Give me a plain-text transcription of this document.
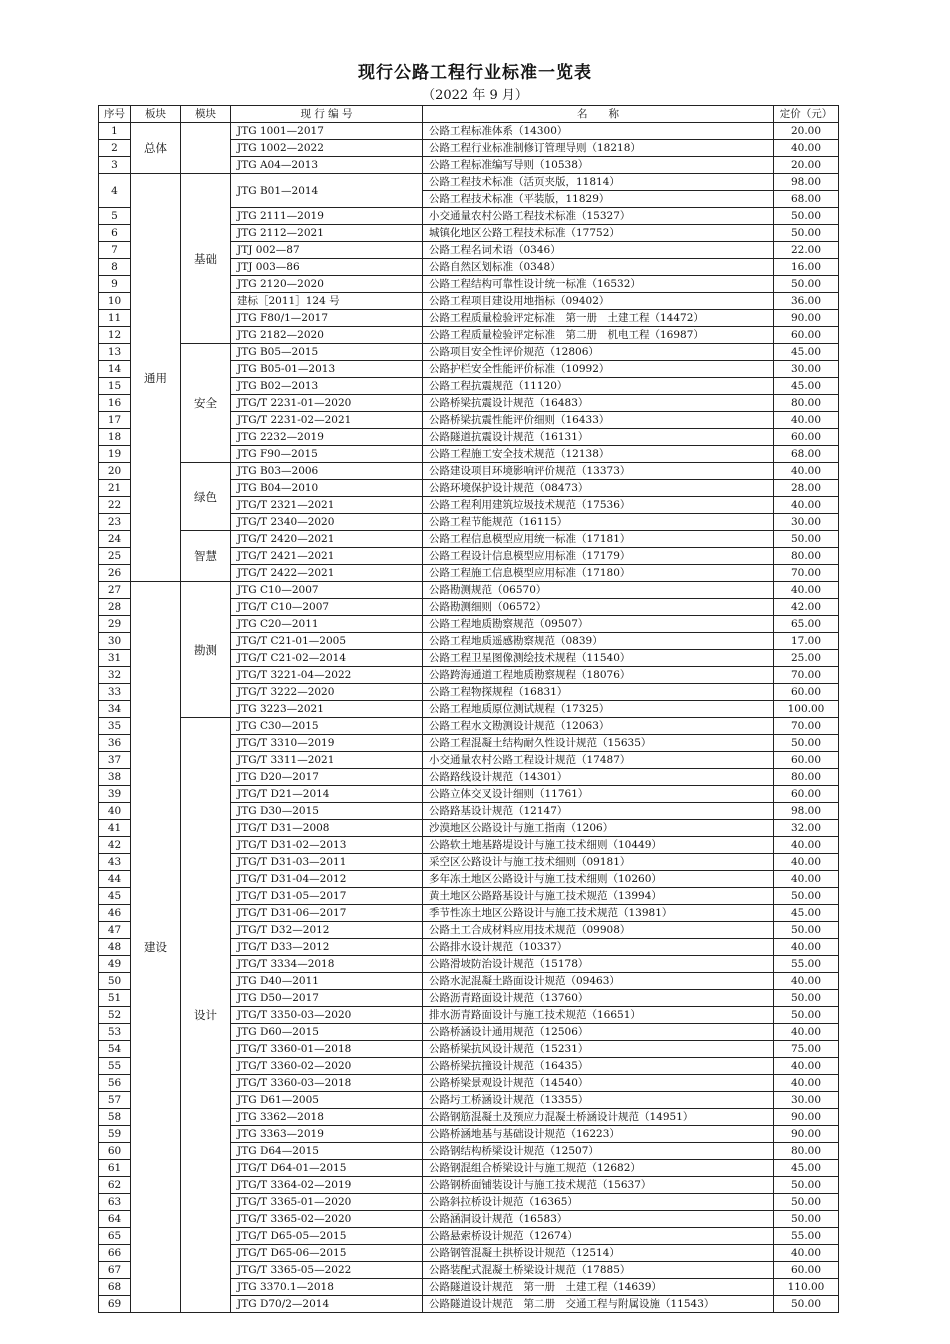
现行公路工程行业标准一览表
（2022 年 9 月）
序号	板块	模块	现 行 编 号	名　　称	定价（元）
1	总体		JTG 1001—2017	公路工程标准体系（14300）	20.00
2			JTG 1002—2022	公路工程行业标准制修订管理导则（18218）	40.00
3			JTG A04—2013	公路工程标准编写导则（10538）	20.00
4	通用	基础	JTG B01—2014	公路工程技术标准（活页夹版，11814）	98.00
				公路工程技术标准（平装版，11829）	68.00
5			JTG 2111—2019	小交通量农村公路工程技术标准（15327）	50.00
6			JTG 2112—2021	城镇化地区公路工程技术标准（17752）	50.00
7			JTJ 002—87	公路工程名词术语（0346）	22.00
8			JTJ 003—86	公路自然区划标准（0348）	16.00
9			JTG 2120—2020	公路工程结构可靠性设计统一标准（16532）	50.00
10			建标［2011］124 号	公路工程项目建设用地指标（09402）	36.00
11			JTG F80/1—2017	公路工程质量检验评定标准　第一册　土建工程（14472）	90.00
12			JTG 2182—2020	公路工程质量检验评定标准　第二册　机电工程（16987）	60.00
13		安全	JTG B05—2015	公路项目安全性评价规范（12806）	45.00
14			JTG B05-01—2013	公路护栏安全性能评价标准（10992）	30.00
15			JTG B02—2013	公路工程抗震规范（11120）	45.00
16			JTG/T 2231-01—2020	公路桥梁抗震设计规范（16483）	80.00
17			JTG/T 2231-02—2021	公路桥梁抗震性能评价细则（16433）	40.00
18			JTG 2232—2019	公路隧道抗震设计规范（16131）	60.00
19			JTG F90—2015	公路工程施工安全技术规范（12138）	68.00
20		绿色	JTG B03—2006	公路建设项目环境影响评价规范（13373）	40.00
21			JTG B04—2010	公路环境保护设计规范（08473）	28.00
22			JTG/T 2321—2021	公路工程利用建筑垃圾技术规范（17536）	40.00
23			JTG/T 2340—2020	公路工程节能规范（16115）	30.00
24		智慧	JTG/T 2420—2021	公路工程信息模型应用统一标准（17181）	50.00
25			JTG/T 2421—2021	公路工程设计信息模型应用标准（17179）	80.00
26			JTG/T 2422—2021	公路工程施工信息模型应用标准（17180）	70.00
27	建设	勘测	JTG C10—2007	公路勘测规范（06570）	40.00
28			JTG/T C10—2007	公路勘测细则（06572）	42.00
29			JTG C20—2011	公路工程地质勘察规范（09507）	65.00
30			JTG/T C21-01—2005	公路工程地质遥感勘察规范（0839）	17.00
31			JTG/T C21-02—2014	公路工程卫星图像测绘技术规程（11540）	25.00
32			JTG/T 3221-04—2022	公路跨海通道工程地质勘察规程（18076）	70.00
33			JTG/T 3222—2020	公路工程物探规程（16831）	60.00
34			JTG 3223—2021	公路工程地质原位测试规程（17325）	100.00
35		设计	JTG C30—2015	公路工程水文勘测设计规范（12063）	70.00
36			JTG/T 3310—2019	公路工程混凝土结构耐久性设计规范（15635）	50.00
37			JTG/T 3311—2021	小交通量农村公路工程设计规范（17487）	60.00
38			JTG D20—2017	公路路线设计规范（14301）	80.00
39			JTG/T D21—2014	公路立体交叉设计细则（11761）	60.00
40			JTG D30—2015	公路路基设计规范（12147）	98.00
41			JTG/T D31—2008	沙漠地区公路设计与施工指南（1206）	32.00
42			JTG/T D31-02—2013	公路软土地基路堤设计与施工技术细则（10449）	40.00
43			JTG/T D31-03—2011	采空区公路设计与施工技术细则（09181）	40.00
44			JTG/T D31-04—2012	多年冻土地区公路设计与施工技术细则（10260）	40.00
45			JTG/T D31-05—2017	黄土地区公路路基设计与施工技术规范（13994）	50.00
46			JTG/T D31-06—2017	季节性冻土地区公路设计与施工技术规范（13981）	45.00
47			JTG/T D32—2012	公路土工合成材料应用技术规范（09908）	50.00
48			JTG/T D33—2012	公路排水设计规范（10337）	40.00
49			JTG/T 3334—2018	公路滑坡防治设计规范（15178）	55.00
50			JTG D40—2011	公路水泥混凝土路面设计规范（09463）	40.00
51			JTG D50—2017	公路沥青路面设计规范（13760）	50.00
52			JTG/T 3350-03—2020	排水沥青路面设计与施工技术规范（16651）	50.00
53			JTG D60—2015	公路桥涵设计通用规范（12506）	40.00
54			JTG/T 3360-01—2018	公路桥梁抗风设计规范（15231）	75.00
55			JTG/T 3360-02—2020	公路桥梁抗撞设计规范（16435）	40.00
56			JTG/T 3360-03—2018	公路桥梁景观设计规范（14540）	40.00
57			JTG D61—2005	公路圬工桥涵设计规范（13355）	30.00
58			JTG 3362—2018	公路钢筋混凝土及预应力混凝土桥涵设计规范（14951）	90.00
59			JTG 3363—2019	公路桥涵地基与基础设计规范（16223）	90.00
60			JTG D64—2015	公路钢结构桥梁设计规范（12507）	80.00
61			JTG/T D64-01—2015	公路钢混组合桥梁设计与施工规范（12682）	45.00
62			JTG/T 3364-02—2019	公路钢桥面铺装设计与施工技术规范（15637）	50.00
63			JTG/T 3365-01—2020	公路斜拉桥设计规范（16365）	50.00
64			JTG/T 3365-02—2020	公路涵洞设计规范（16583）	50.00
65			JTG/T D65-05—2015	公路悬索桥设计规范（12674）	55.00
66			JTG/T D65-06—2015	公路钢管混凝土拱桥设计规范（12514）	40.00
67			JTG/T 3365-05—2022	公路装配式混凝土桥梁设计规范（17885）	60.00
68			JTG 3370.1—2018	公路隧道设计规范　第一册　土建工程（14639）	110.00
69			JTG D70/2—2014	公路隧道设计规范　第二册　交通工程与附属设施（11543）	50.00
